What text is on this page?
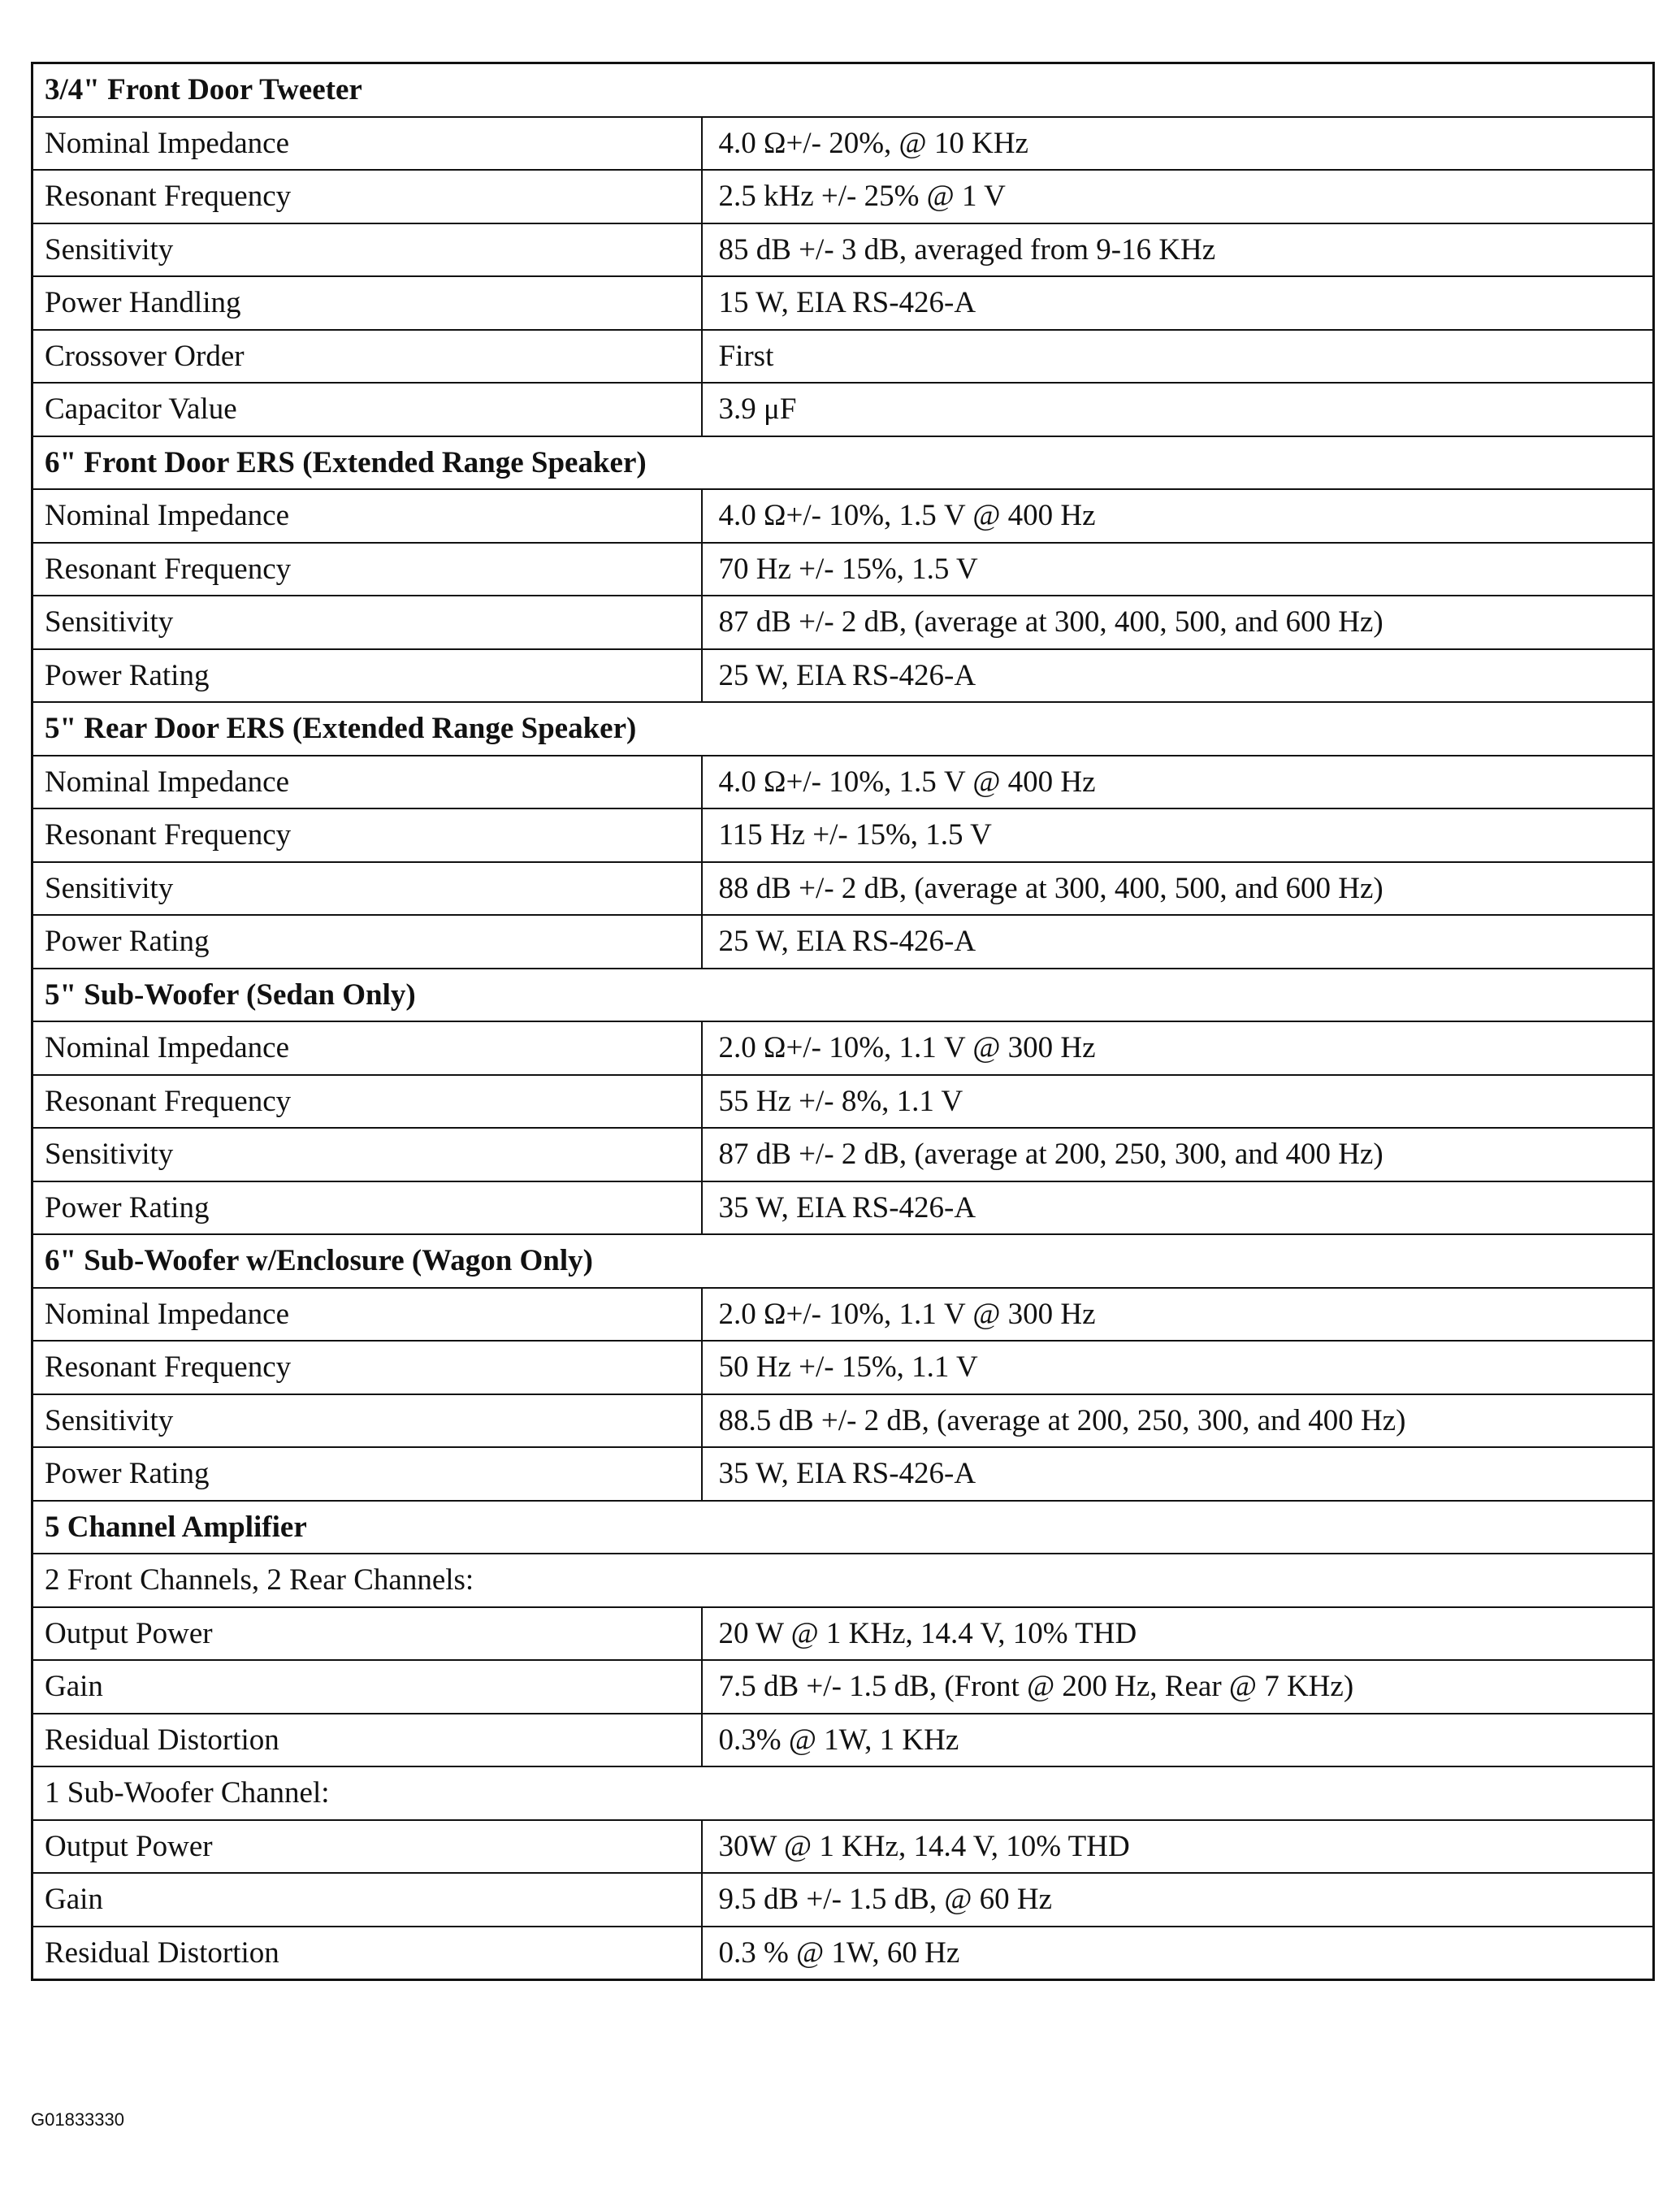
3/4" Front Door Tweeter	
Nominal Impedance	4.0 Ω+/- 20%, @ 10 KHz
Resonant Frequency	2.5 kHz +/- 25% @ 1 V
Sensitivity	85 dB +/- 3 dB, averaged from 9-16 KHz
Power Handling	15 W, EIA RS-426-A
Crossover Order	First
Capacitor Value	3.9 μF
6" Front Door ERS (Extended Range Speaker)	
Nominal Impedance	4.0 Ω+/- 10%, 1.5 V @ 400 Hz
Resonant Frequency	70 Hz +/- 15%, 1.5 V
Sensitivity	87 dB +/- 2 dB, (average at 300, 400, 500, and 600 Hz)
Power Rating	25 W, EIA RS-426-A
5" Rear Door ERS (Extended Range Speaker)	
Nominal Impedance	4.0 Ω+/- 10%, 1.5 V @ 400 Hz
Resonant Frequency	115 Hz +/- 15%, 1.5 V
Sensitivity	88 dB +/- 2 dB, (average at 300, 400, 500, and 600 Hz)
Power Rating	25 W, EIA RS-426-A
5" Sub-Woofer (Sedan Only)	
Nominal Impedance	2.0 Ω+/- 10%, 1.1 V @ 300 Hz
Resonant Frequency	55 Hz +/- 8%, 1.1 V
Sensitivity	87 dB +/- 2 dB, (average at 200, 250, 300, and 400 Hz)
Power Rating	35 W, EIA RS-426-A
6" Sub-Woofer w/Enclosure (Wagon Only)	
Nominal Impedance	2.0 Ω+/- 10%, 1.1 V @ 300 Hz
Resonant Frequency	50 Hz +/- 15%, 1.1 V
Sensitivity	88.5 dB +/- 2 dB, (average at 200, 250, 300, and 400 Hz)
Power Rating	35 W, EIA RS-426-A
5 Channel Amplifier	
2 Front Channels, 2 Rear Channels:	
Output Power	20 W @ 1 KHz, 14.4 V, 10% THD
Gain	7.5 dB +/- 1.5 dB, (Front @ 200 Hz, Rear @ 7 KHz)
Residual Distortion	0.3% @ 1W, 1 KHz
1 Sub-Woofer Channel:	
Output Power	30W @ 1 KHz, 14.4 V, 10% THD
Gain	9.5 dB +/- 1.5 dB, @ 60 Hz
Residual Distortion	0.3 % @ 1W, 60 Hz
G01833330
